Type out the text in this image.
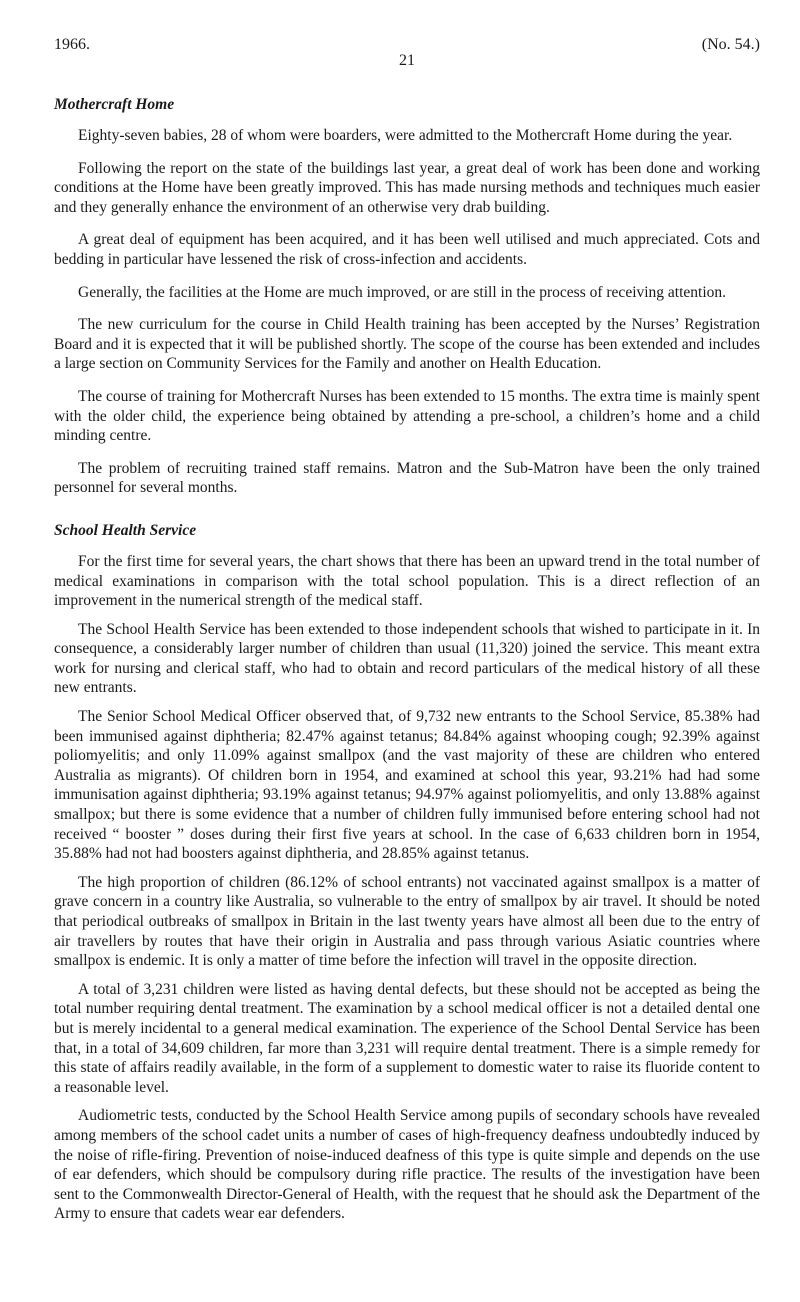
1966.
21
(No. 54.)
Mothercraft Home

Eighty-seven babies, 28 of whom were boarders, were admitted to the Mothercraft Home during the year.

Following the report on the state of the buildings last year, a great deal of work has been done and working conditions at the Home have been greatly improved. This has made nursing methods and techniques much easier and they generally enhance the environment of an otherwise very drab building.

A great deal of equipment has been acquired, and it has been well utilised and much appreciated. Cots and bedding in particular have lessened the risk of cross-infection and accidents.

Generally, the facilities at the Home are much improved, or are still in the process of receiving attention.

The new curriculum for the course in Child Health training has been accepted by the Nurses’ Registration Board and it is expected that it will be published shortly. The scope of the course has been extended and includes a large section on Community Services for the Family and another on Health Education.

The course of training for Mothercraft Nurses has been extended to 15 months. The extra time is mainly spent with the older child, the experience being obtained by attending a pre-school, a children’s home and a child minding centre.

The problem of recruiting trained staff remains. Matron and the Sub-Matron have been the only trained personnel for several months.

School Health Service

For the first time for several years, the chart shows that there has been an upward trend in the total number of medical examinations in comparison with the total school population. This is a direct reflection of an improvement in the numerical strength of the medical staff.

The School Health Service has been extended to those independent schools that wished to participate in it. In consequence, a considerably larger number of children than usual (11,320) joined the service. This meant extra work for nursing and clerical staff, who had to obtain and record particulars of the medical history of all these new entrants.

The Senior School Medical Officer observed that, of 9,732 new entrants to the School Service, 85.38% had been immunised against diphtheria; 82.47% against tetanus; 84.84% against whooping cough; 92.39% against poliomyelitis; and only 11.09% against smallpox (and the vast majority of these are children who entered Australia as migrants). Of children born in 1954, and examined at school this year, 93.21% had had some immunisation against diphtheria; 93.19% against tetanus; 94.97% against poliomyelitis, and only 13.88% against smallpox; but there is some evidence that a number of children fully immunised before entering school had not received “ booster ” doses during their first five years at school. In the case of 6,633 children born in 1954, 35.88% had not had boosters against diphtheria, and 28.85% against tetanus.

The high proportion of children (86.12% of school entrants) not vaccinated against smallpox is a matter of grave concern in a country like Australia, so vulnerable to the entry of smallpox by air travel. It should be noted that periodical outbreaks of smallpox in Britain in the last twenty years have almost all been due to the entry of air travellers by routes that have their origin in Australia and pass through various Asiatic countries where smallpox is endemic. It is only a matter of time before the infection will travel in the opposite direction.

A total of 3,231 children were listed as having dental defects, but these should not be accepted as being the total number requiring dental treatment. The examination by a school medical officer is not a detailed dental one but is merely incidental to a general medical examination. The experience of the School Dental Service has been that, in a total of 34,609 children, far more than 3,231 will require dental treatment. There is a simple remedy for this state of affairs readily available, in the form of a supplement to domestic water to raise its fluoride content to a reasonable level.

Audiometric tests, conducted by the School Health Service among pupils of secondary schools have revealed among members of the school cadet units a number of cases of high-frequency deafness undoubtedly induced by the noise of rifle-firing. Prevention of noise-induced deafness of this type is quite simple and depends on the use of ear defenders, which should be compulsory during rifle practice. The results of the investigation have been sent to the Commonwealth Director-General of Health, with the request that he should ask the Department of the Army to ensure that cadets wear ear defenders.
